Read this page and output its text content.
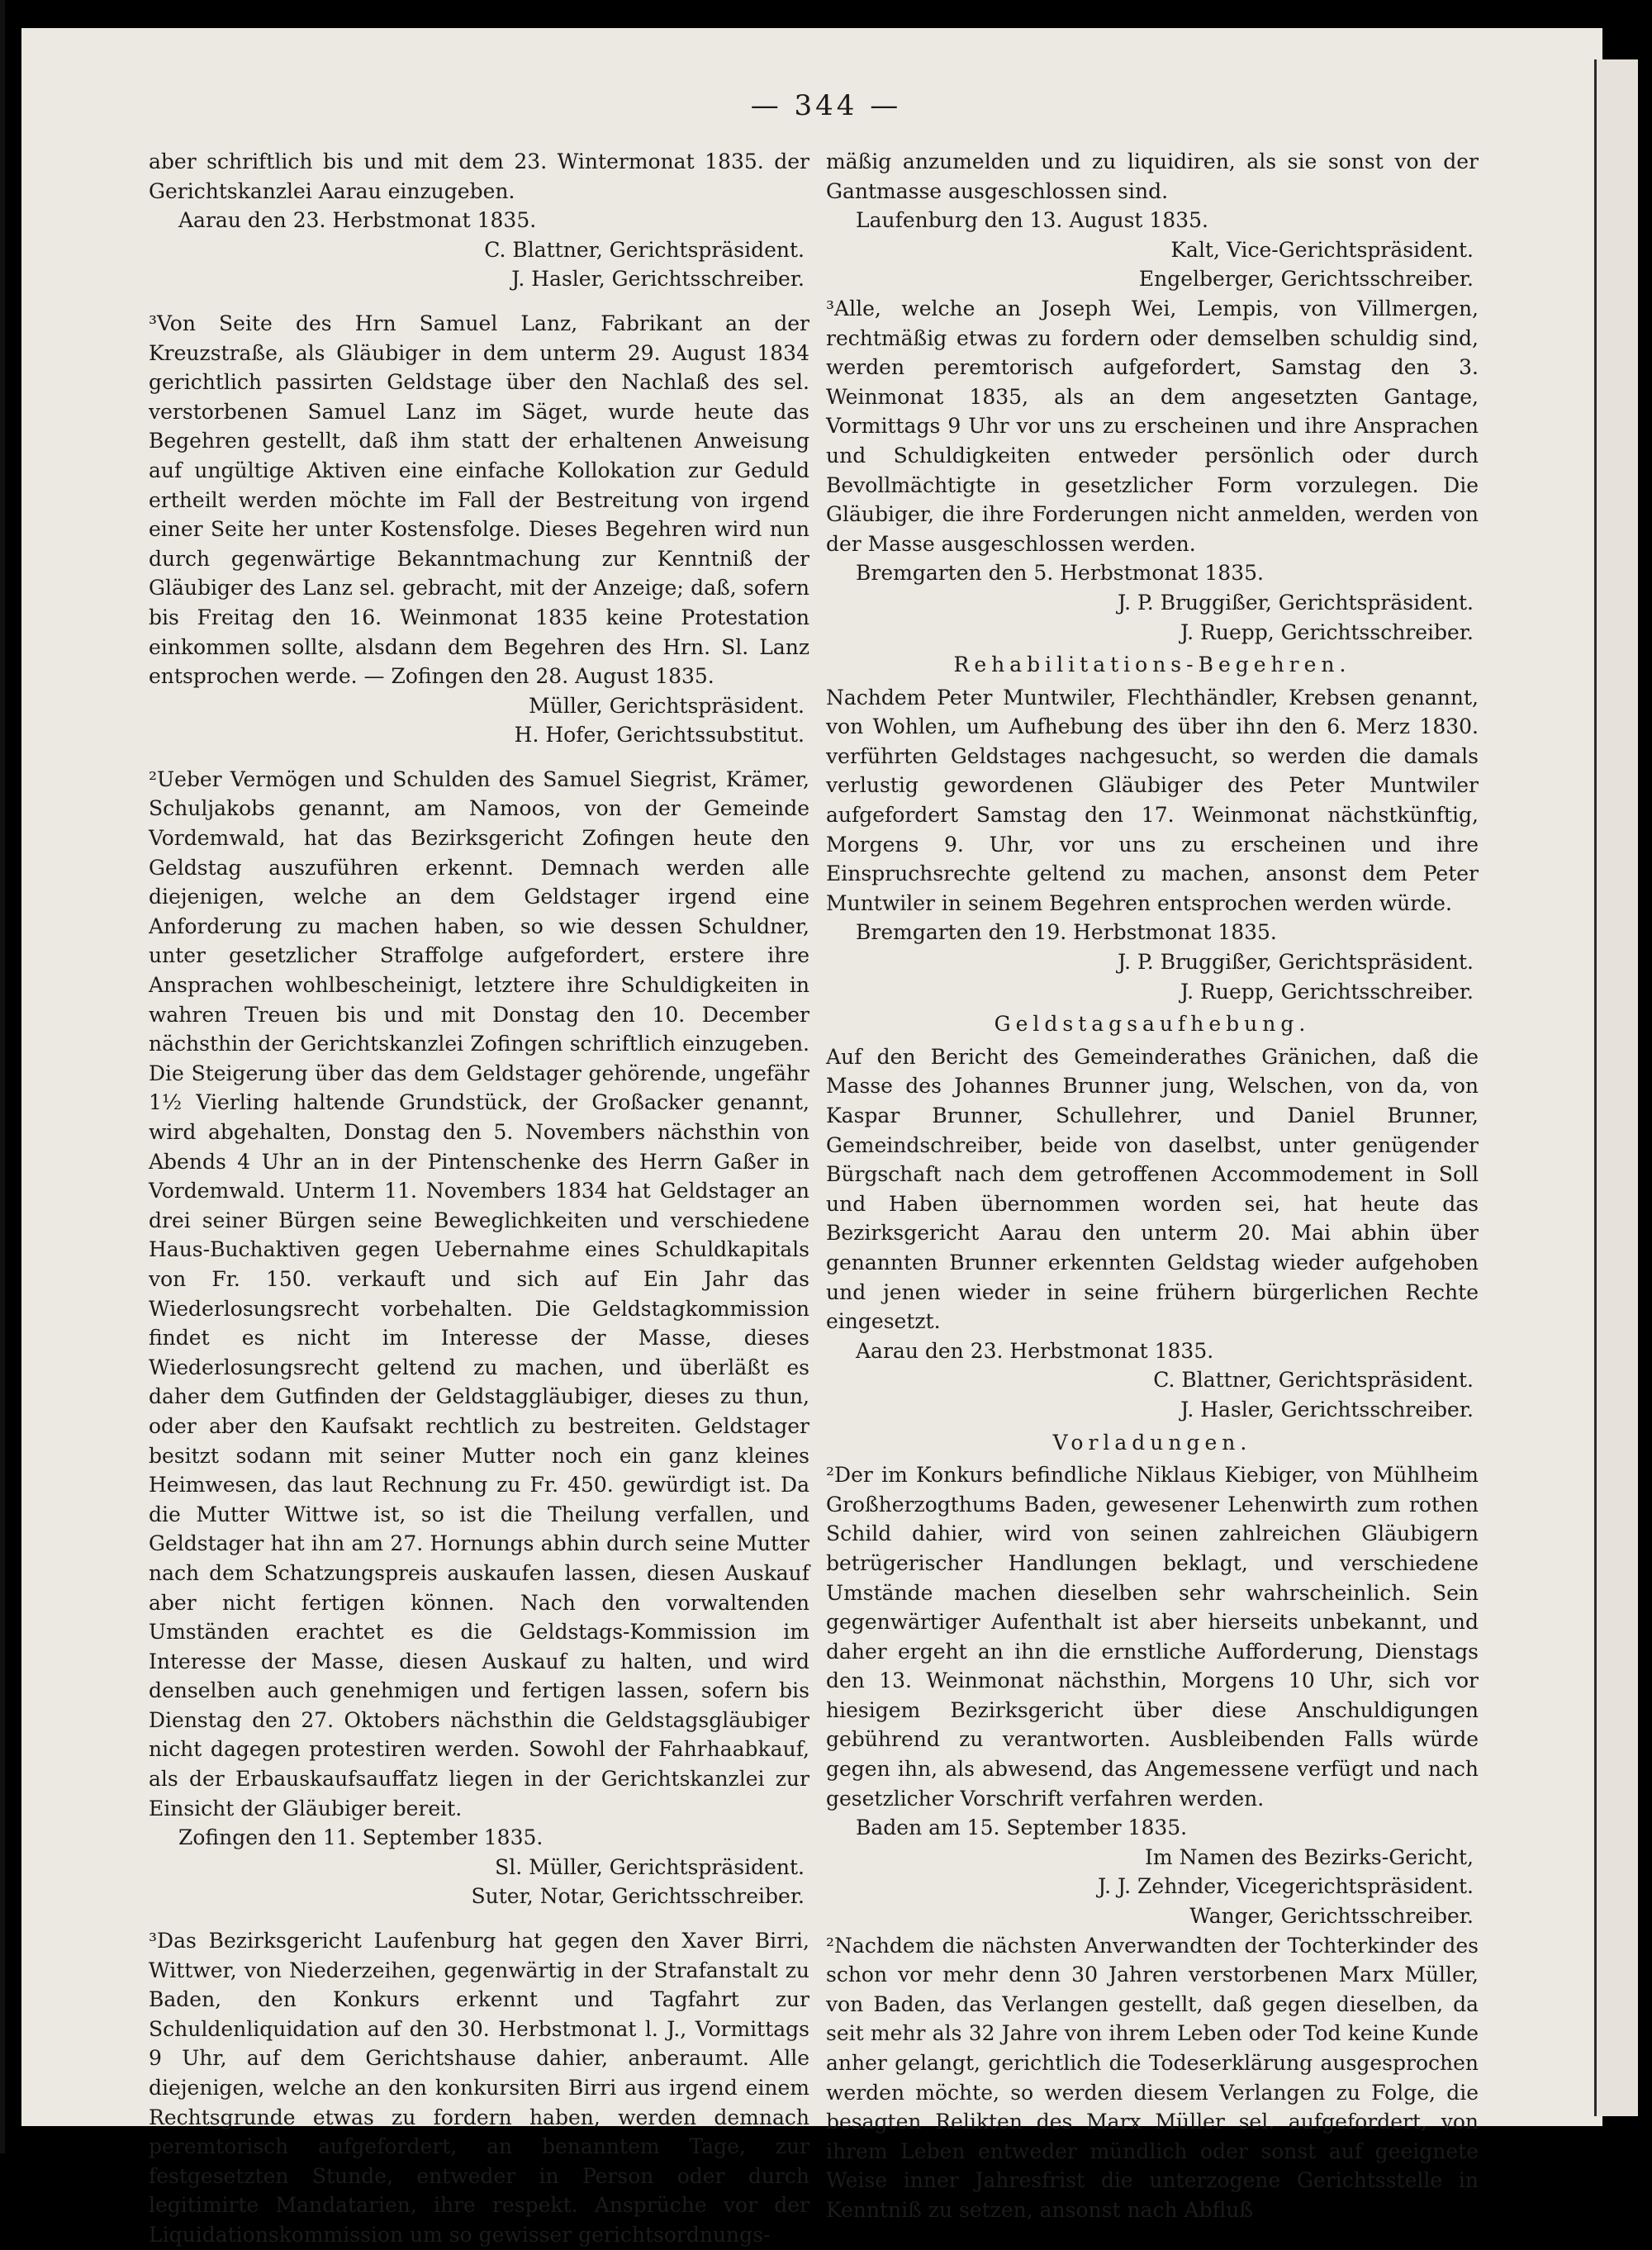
— 344 —

aber schriftlich bis und mit dem 23. Wintermonat 1835. der Gerichtskanzlei Aarau einzugeben.

Aarau den 23. Herbstmonat 1835.

C. Blattner, Gerichtspräsident.

J. Hasler, Gerichtsschreiber.

³Von Seite des Hrn Samuel Lanz, Fabrikant an der Kreuzstraße, als Gläubiger in dem unterm 29. August 1834 gerichtlich passirten Geldstage über den Nachlaß des sel. verstorbenen Samuel Lanz im Säget, wurde heute das Begehren gestellt, daß ihm statt der erhaltenen Anweisung auf ungültige Aktiven eine einfache Kollokation zur Geduld ertheilt werden möchte im Fall der Bestreitung von irgend einer Seite her unter Kostensfolge. Dieses Begehren wird nun durch gegenwärtige Bekanntmachung zur Kenntniß der Gläubiger des Lanz sel. gebracht, mit der Anzeige; daß, sofern bis Freitag den 16. Weinmonat 1835 keine Protestation einkommen sollte, alsdann dem Begehren des Hrn. Sl. Lanz entsprochen werde. — Zofingen den 28. August 1835.

Müller, Gerichtspräsident.

H. Hofer, Gerichtssubstitut.

²Ueber Vermögen und Schulden des Samuel Siegrist, Krämer, Schuljakobs genannt, am Namoos, von der Gemeinde Vordemwald, hat das Bezirksgericht Zofingen heute den Geldstag auszuführen erkennt. Demnach werden alle diejenigen, welche an dem Geldstager irgend eine Anforderung zu machen haben, so wie dessen Schuldner, unter gesetzlicher Straffolge aufgefordert, erstere ihre Ansprachen wohlbescheinigt, letztere ihre Schuldigkeiten in wahren Treuen bis und mit Donstag den 10. December nächsthin der Gerichtskanzlei Zofingen schriftlich einzugeben. Die Steigerung über das dem Geldstager gehörende, ungefähr 1½ Vierling haltende Grundstück, der Großacker genannt, wird abgehalten, Donstag den 5. Novembers nächsthin von Abends 4 Uhr an in der Pintenschenke des Herrn Gaßer in Vordemwald. Unterm 11. Novembers 1834 hat Geldstager an drei seiner Bürgen seine Beweglichkeiten und verschiedene Haus-Buchaktiven gegen Uebernahme eines Schuldkapitals von Fr. 150. verkauft und sich auf Ein Jahr das Wiederlosungsrecht vorbehalten. Die Geldstagkommission findet es nicht im Interesse der Masse, dieses Wiederlosungsrecht geltend zu machen, und überläßt es daher dem Gutfinden der Geldstaggläubiger, dieses zu thun, oder aber den Kaufsakt rechtlich zu bestreiten. Geldstager besitzt sodann mit seiner Mutter noch ein ganz kleines Heimwesen, das laut Rechnung zu Fr. 450. gewürdigt ist. Da die Mutter Wittwe ist, so ist die Theilung verfallen, und Geldstager hat ihn am 27. Hornungs abhin durch seine Mutter nach dem Schatzungspreis auskaufen lassen, diesen Auskauf aber nicht fertigen können. Nach den vorwaltenden Umständen erachtet es die Geldstags-Kommission im Interesse der Masse, diesen Auskauf zu halten, und wird denselben auch genehmigen und fertigen lassen, sofern bis Dienstag den 27. Oktobers nächsthin die Geldstagsgläubiger nicht dagegen protestiren werden. Sowohl der Fahrhaabkauf, als der Erbauskaufsauffatz liegen in der Gerichtskanzlei zur Einsicht der Gläubiger bereit.

Zofingen den 11. September 1835.

Sl. Müller, Gerichtspräsident.

Suter, Notar, Gerichtsschreiber.

³Das Bezirksgericht Laufenburg hat gegen den Xaver Birri, Wittwer, von Niederzeihen, gegenwärtig in der Strafanstalt zu Baden, den Konkurs erkennt und Tagfahrt zur Schuldenliquidation auf den 30. Herbstmonat l. J., Vormittags 9 Uhr, auf dem Gerichtshause dahier, anberaumt. Alle diejenigen, welche an den konkursiten Birri aus irgend einem Rechtsgrunde etwas zu fordern haben, werden demnach peremtorisch aufgefordert, an benanntem Tage, zur festgesetzten Stunde, entweder in Person oder durch legitimirte Mandatarien, ihre respekt. Ansprüche vor der Liquidationskommission um so gewisser gerichtsordnungs-

mäßig anzumelden und zu liquidiren, als sie sonst von der Gantmasse ausgeschlossen sind.

Laufenburg den 13. August 1835.

Kalt, Vice-Gerichtspräsident.

Engelberger, Gerichtsschreiber.

³Alle, welche an Joseph Wei, Lempis, von Villmergen, rechtmäßig etwas zu fordern oder demselben schuldig sind, werden peremtorisch aufgefordert, Samstag den 3. Weinmonat 1835, als an dem angesetzten Gantage, Vormittags 9 Uhr vor uns zu erscheinen und ihre Ansprachen und Schuldigkeiten entweder persönlich oder durch Bevollmächtigte in gesetzlicher Form vorzulegen. Die Gläubiger, die ihre Forderungen nicht anmelden, werden von der Masse ausgeschlossen werden.

Bremgarten den 5. Herbstmonat 1835.

J. P. Bruggißer, Gerichtspräsident.

J. Ruepp, Gerichtsschreiber.

Rehabilitations-Begehren.

Nachdem Peter Muntwiler, Flechthändler, Krebsen genannt, von Wohlen, um Aufhebung des über ihn den 6. Merz 1830. verführten Geldstages nachgesucht, so werden die damals verlustig gewordenen Gläubiger des Peter Muntwiler aufgefordert Samstag den 17. Weinmonat nächstkünftig, Morgens 9. Uhr, vor uns zu erscheinen und ihre Einspruchsrechte geltend zu machen, ansonst dem Peter Muntwiler in seinem Begehren entsprochen werden würde.

Bremgarten den 19. Herbstmonat 1835.

J. P. Bruggißer, Gerichtspräsident.

J. Ruepp, Gerichtsschreiber.

Geldstagsaufhebung.

Auf den Bericht des Gemeinderathes Gränichen, daß die Masse des Johannes Brunner jung, Welschen, von da, von Kaspar Brunner, Schullehrer, und Daniel Brunner, Gemeindschreiber, beide von daselbst, unter genügender Bürgschaft nach dem getroffenen Accommodement in Soll und Haben übernommen worden sei, hat heute das Bezirksgericht Aarau den unterm 20. Mai abhin über genannten Brunner erkennten Geldstag wieder aufgehoben und jenen wieder in seine frühern bürgerlichen Rechte eingesetzt.

Aarau den 23. Herbstmonat 1835.

C. Blattner, Gerichtspräsident.

J. Hasler, Gerichtsschreiber.

Vorladungen.

²Der im Konkurs befindliche Niklaus Kiebiger, von Mühlheim Großherzogthums Baden, gewesener Lehenwirth zum rothen Schild dahier, wird von seinen zahlreichen Gläubigern betrügerischer Handlungen beklagt, und verschiedene Umstände machen dieselben sehr wahrscheinlich. Sein gegenwärtiger Aufenthalt ist aber hierseits unbekannt, und daher ergeht an ihn die ernstliche Aufforderung, Dienstags den 13. Weinmonat nächsthin, Morgens 10 Uhr, sich vor hiesigem Bezirksgericht über diese Anschuldigungen gebührend zu verantworten. Ausbleibenden Falls würde gegen ihn, als abwesend, das Angemessene verfügt und nach gesetzlicher Vorschrift verfahren werden.

Baden am 15. September 1835.

Im Namen des Bezirks-Gericht,

J. J. Zehnder, Vicegerichtspräsident.

Wanger, Gerichtsschreiber.

²Nachdem die nächsten Anverwandten der Tochterkinder des schon vor mehr denn 30 Jahren verstorbenen Marx Müller, von Baden, das Verlangen gestellt, daß gegen dieselben, da seit mehr als 32 Jahre von ihrem Leben oder Tod keine Kunde anher gelangt, gerichtlich die Todeserklärung ausgesprochen werden möchte, so werden diesem Verlangen zu Folge, die besagten Relikten des Marx Müller sel. aufgefordert, von ihrem Leben entweder mündlich oder sonst auf geeignete Weise inner Jahresfrist die unterzogene Gerichtsstelle in Kenntniß zu setzen, ansonst nach Abfluß
